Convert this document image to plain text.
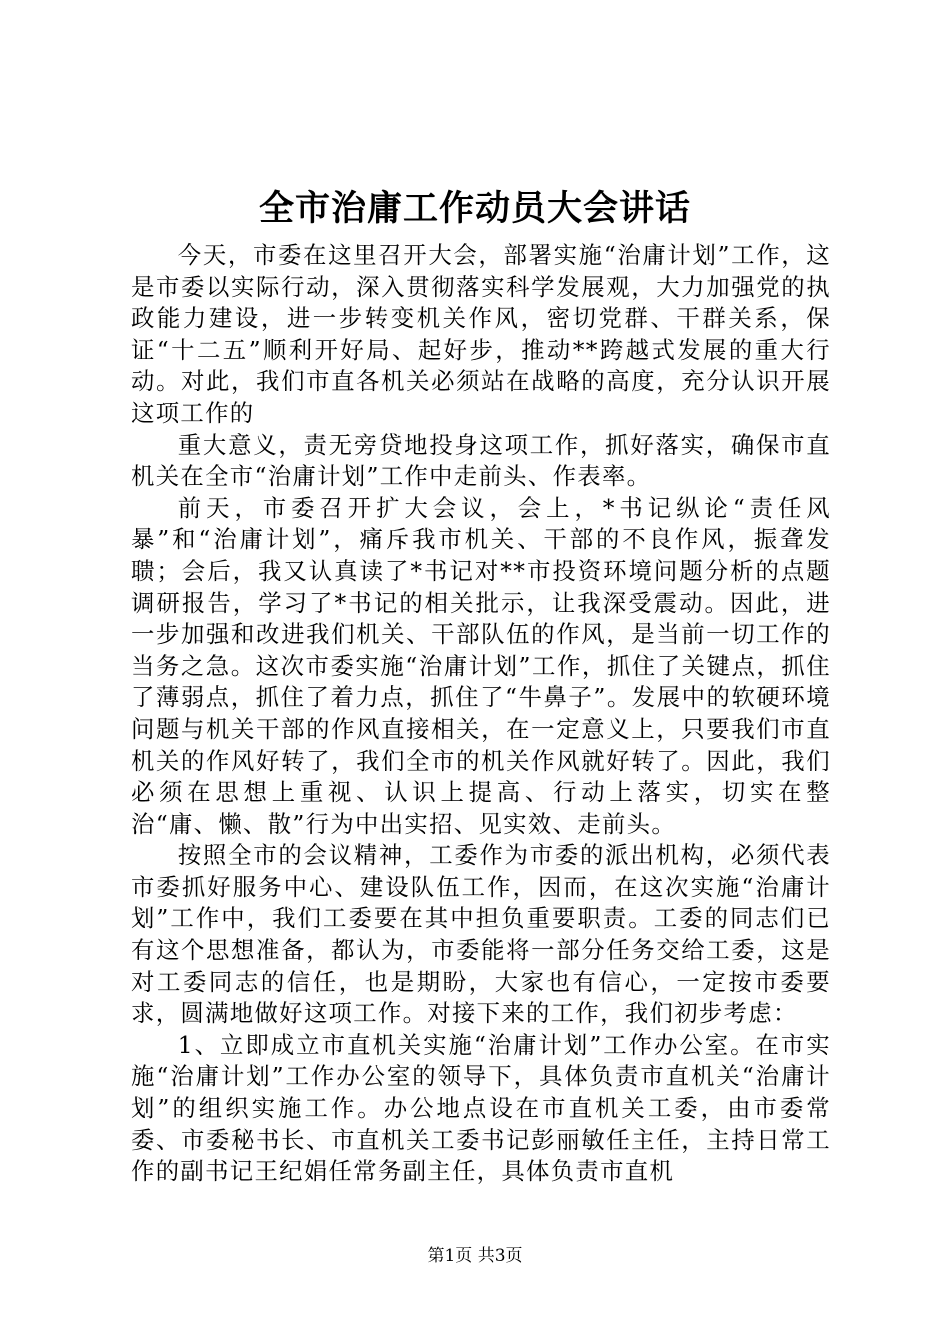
全市治庸工作动员大会讲话

今天，市委在这里召开大会，部署实施“治庸计划”工作，这是市委以实际行动，深入贯彻落实科学发展观，大力加强党的执政能力建设，进一步转变机关作风，密切党群、干群关系，保证“十二五”顺利开好局、起好步，推动**跨越式发展的重大行动。对此，我们市直各机关必须站在战略的高度，充分认识开展这项工作的

重大意义，责无旁贷地投身这项工作，抓好落实，确保市直机关在全市“治庸计划”工作中走前头、作表率。

前天，市委召开扩大会议，会上，*书记纵论“责任风暴”和“治庸计划”，痛斥我市机关、干部的不良作风，振聋发聩；会后，我又认真读了*书记对**市投资环境问题分析的点题调研报告，学习了*书记的相关批示，让我深受震动。因此，进一步加强和改进我们机关、干部队伍的作风，是当前一切工作的当务之急。这次市委实施“治庸计划”工作，抓住了关键点，抓住了薄弱点，抓住了着力点，抓住了“牛鼻子”。发展中的软硬环境问题与机关干部的作风直接相关，在一定意义上，只要我们市直机关的作风好转了，我们全市的机关作风就好转了。因此，我们必须在思想上重视、认识上提高、行动上落实，切实在整治“庸、懒、散”行为中出实招、见实效、走前头。

按照全市的会议精神，工委作为市委的派出机构，必须代表市委抓好服务中心、建设队伍工作，因而，在这次实施“治庸计划”工作中，我们工委要在其中担负重要职责。工委的同志们已有这个思想准备，都认为，市委能将一部分任务交给工委，这是对工委同志的信任，也是期盼，大家也有信心，一定按市委要求，圆满地做好这项工作。对接下来的工作，我们初步考虑：

1、立即成立市直机关实施“治庸计划”工作办公室。在市实施“治庸计划”工作办公室的领导下，具体负责市直机关“治庸计划”的组织实施工作。办公地点设在市直机关工委，由市委常委、市委秘书长、市直机关工委书记彭丽敏任主任，主持日常工作的副书记王纪娟任常务副主任，具体负责市直机

第1页 共3页
